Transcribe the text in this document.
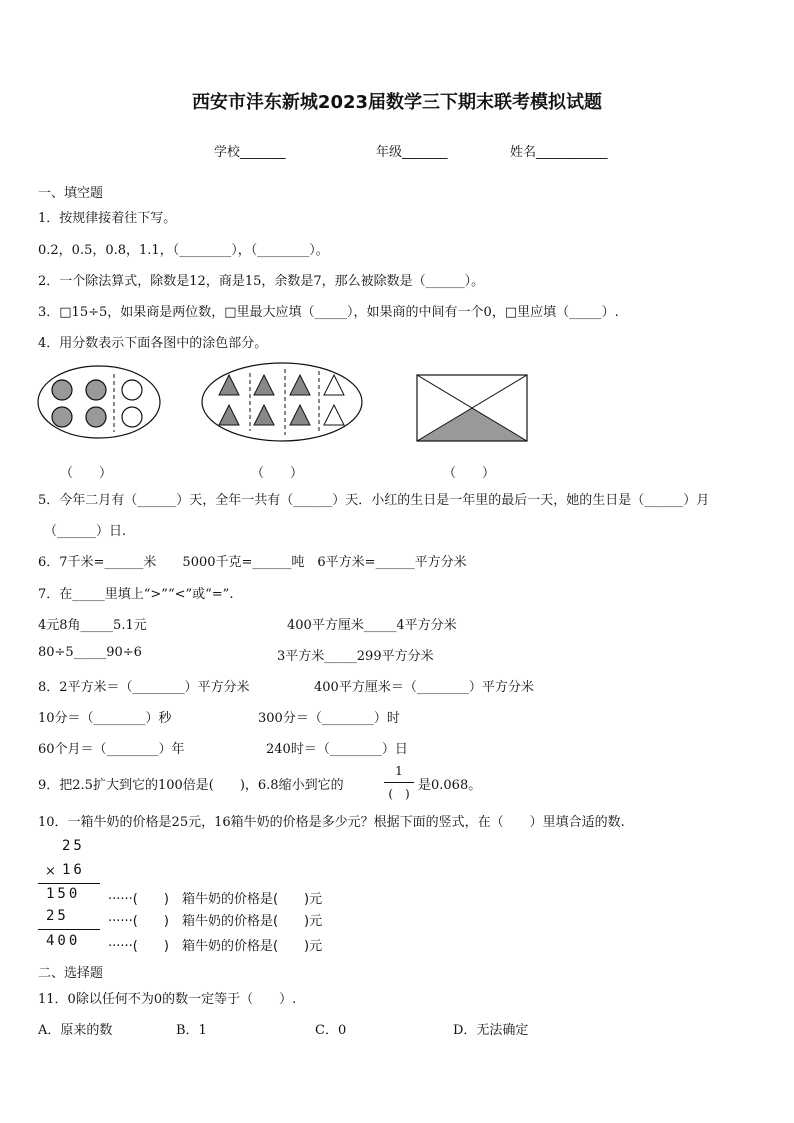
西安市沣东新城2023届数学三下期末联考模拟试题
学校_______	年级_______	姓名___________
一、填空题
1．按规律接着往下写。
0.2，0.5，0.8，1.1，（________），（________）。
2．一个除法算式，除数是12，商是15，余数是7，那么被除数是（______）。
3．□15÷5，如果商是两位数，□里最大应填（_____），如果商的中间有一个0，□里应填（_____）.
4．用分数表示下面各图中的涂色部分。
（　　）	（　　）	（　　）
5．今年二月有（______）天，全年一共有（______）天．小红的生日是一年里的最后一天，她的生日是（______）月
（______）日.
6．7千米=______米　　5000千克=______吨　6平方米=______平方分米
7．在_____里填上“>”“<”或“=”.
4元8角_____5.1元	400平方厘米_____4平方分米
80÷5_____90÷6	3平方米_____299平方分米
8．2平方米＝（________）平方分米	400平方厘米＝（________）平方分米
10分＝（________）秒	300分＝（________）时
60个月＝（________）年	240时＝（________）日
9．把2.5扩大到它的100倍是(　　)，6.8缩小到它的
1
(　)
是0.068。
10．一箱牛奶的价格是25元，16箱牛奶的价格是多少元？根据下面的竖式，在（　　）里填合适的数.
25
× 16
150
25
400
······(　　)　箱牛奶的价格是(　　)元
······(　　)　箱牛奶的价格是(　　)元
······(　　)　箱牛奶的价格是(　　)元
二、选择题
11．0除以任何不为0的数一定等于（　　）.
A．原来的数	B．1	C．0	D．无法确定
